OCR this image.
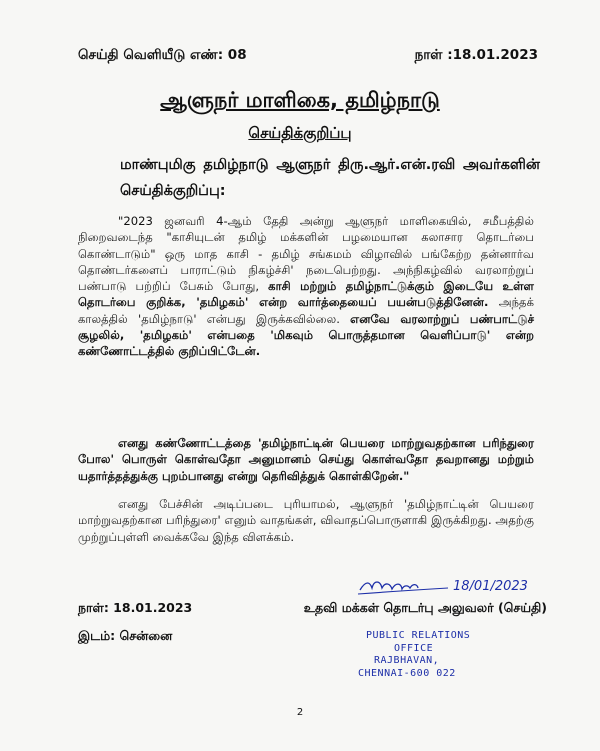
செய்தி வெளியீடு எண்: 08	நாள் :18.01.2023
ஆளுநர் மாளிகை, தமிழ்நாடு
செய்திக்குறிப்பு
மாண்புமிகு தமிழ்நாடு ஆளுநர் திரு.ஆர்.என்.ரவி அவர்களின் செய்திக்குறிப்பு:
"2023 ஜனவரி 4-ஆம் தேதி அன்று ஆளுநர் மாளிகையில், சமீபத்தில் நிறைவடைந்த "காசியுடன் தமிழ் மக்களின் பழமையான கலாசார தொடர்பை கொண்டாடும்" ஒரு மாத காசி - தமிழ் சங்கமம் விழாவில் பங்கேற்ற தன்னார்வ தொண்டர்களைப் பாராட்டும் நிகழ்ச்சி' நடைபெற்றது. அந்நிகழ்வில் வரலாற்றுப் பண்பாடு பற்றிப் பேசும் போது, காசி மற்றும் தமிழ்நாட்டுக்கும் இடையே உள்ள தொடர்பை குறிக்க, 'தமிழகம்' என்ற வார்த்தையைப் பயன்படுத்தினேன். அந்தக் காலத்தில் 'தமிழ்நாடு' என்பது இருக்கவில்லை. எனவே வரலாற்றுப் பண்பாட்டுச் சூழலில், 'தமிழகம்' என்பதை 'மிகவும் பொருத்தமான வெளிப்பாடு' என்ற கண்ணோட்டத்தில் குறிப்பிட்டேன்.
எனது கண்ணோட்டத்தை 'தமிழ்நாட்டின் பெயரை மாற்றுவதற்கான பரிந்துரை போல' பொருள் கொள்வதோ அனுமானம் செய்து கொள்வதோ தவறானது மற்றும் யதார்த்தத்துக்கு புறம்பானது என்று தெரிவித்துக் கொள்கிறேன்."
எனது பேச்சின் அடிப்படை புரியாமல், ஆளுநர் 'தமிழ்நாட்டின் பெயரை மாற்றுவதற்கான பரிந்துரை' எனும் வாதங்கள், விவாதப்பொருளாகி இருக்கிறது. அதற்கு முற்றுப்புள்ளி வைக்கவே இந்த விளக்கம்.
18/01/2023
நாள்: 18.01.2023	உதவி மக்கள் தொடர்பு அலுவலர் (செய்தி)
இடம்: சென்னை	PUBLIC RELATIONS
OFFICE
RAJBHAVAN,
CHENNAI-600 022
2
